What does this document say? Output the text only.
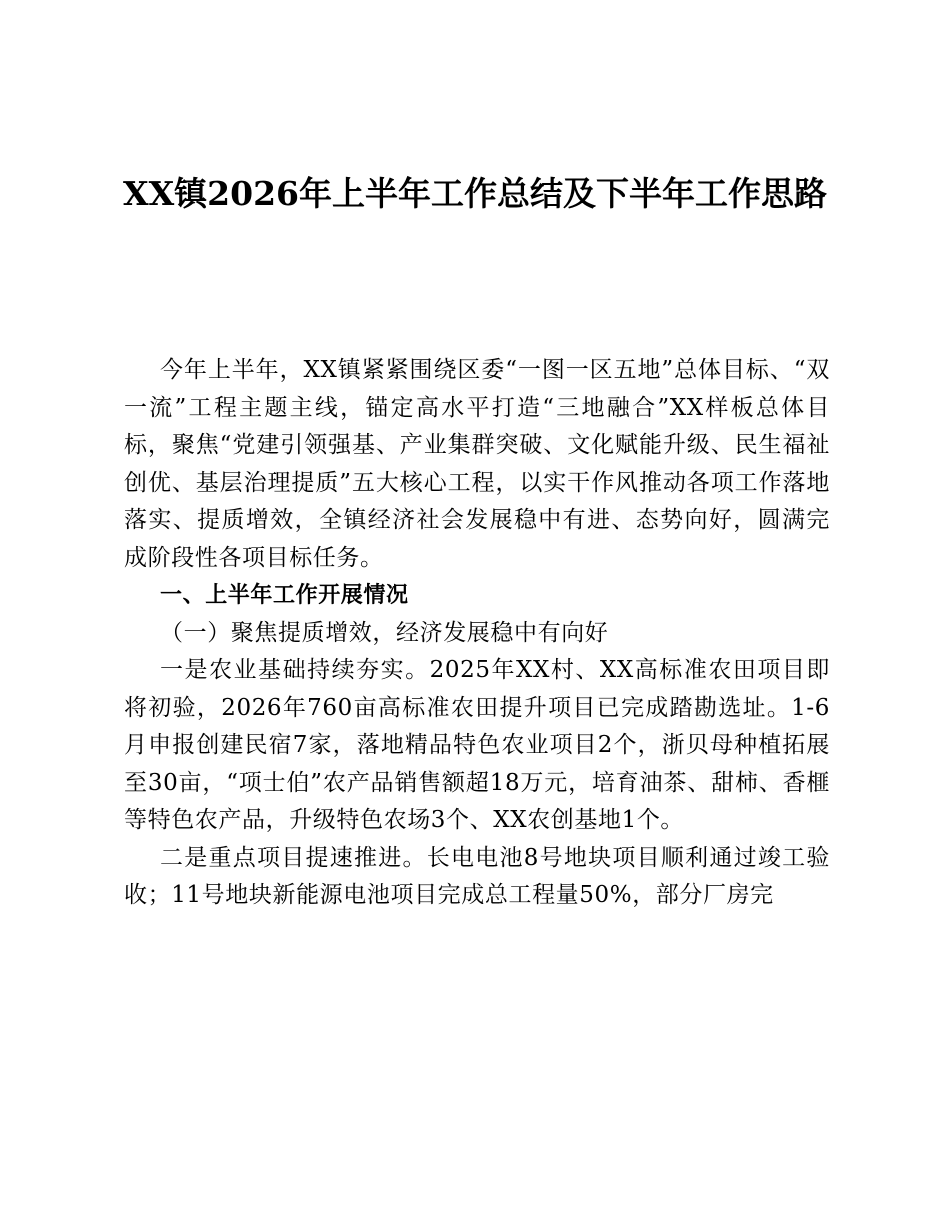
XX镇2026年上半年工作总结及下半年工作思路

今年上半年，XX镇紧紧围绕区委“一图一区五地”总体目标、“双一流”工程主题主线，锚定高水平打造“三地融合”XX样板总体目标，聚焦“党建引领强基、产业集群突破、文化赋能升级、民生福祉创优、基层治理提质”五大核心工程，以实干作风推动各项工作落地落实、提质增效，全镇经济社会发展稳中有进、态势向好，圆满完成阶段性各项目标任务。

一、上半年工作开展情况

（一）聚焦提质增效，经济发展稳中有向好

一是农业基础持续夯实。2025年XX村、XX高标准农田项目即将初验，2026年760亩高标准农田提升项目已完成踏勘选址。1-6月申报创建民宿7家，落地精品特色农业项目2个，浙贝母种植拓展至30亩，“项士伯”农产品销售额超18万元，培育油茶、甜柿、香榧等特色农产品，升级特色农场3个、XX农创基地1个。

二是重点项目提速推进。长电电池8号地块项目顺利通过竣工验收；11号地块新能源电池项目完成总工程量50%，部分厂房完
